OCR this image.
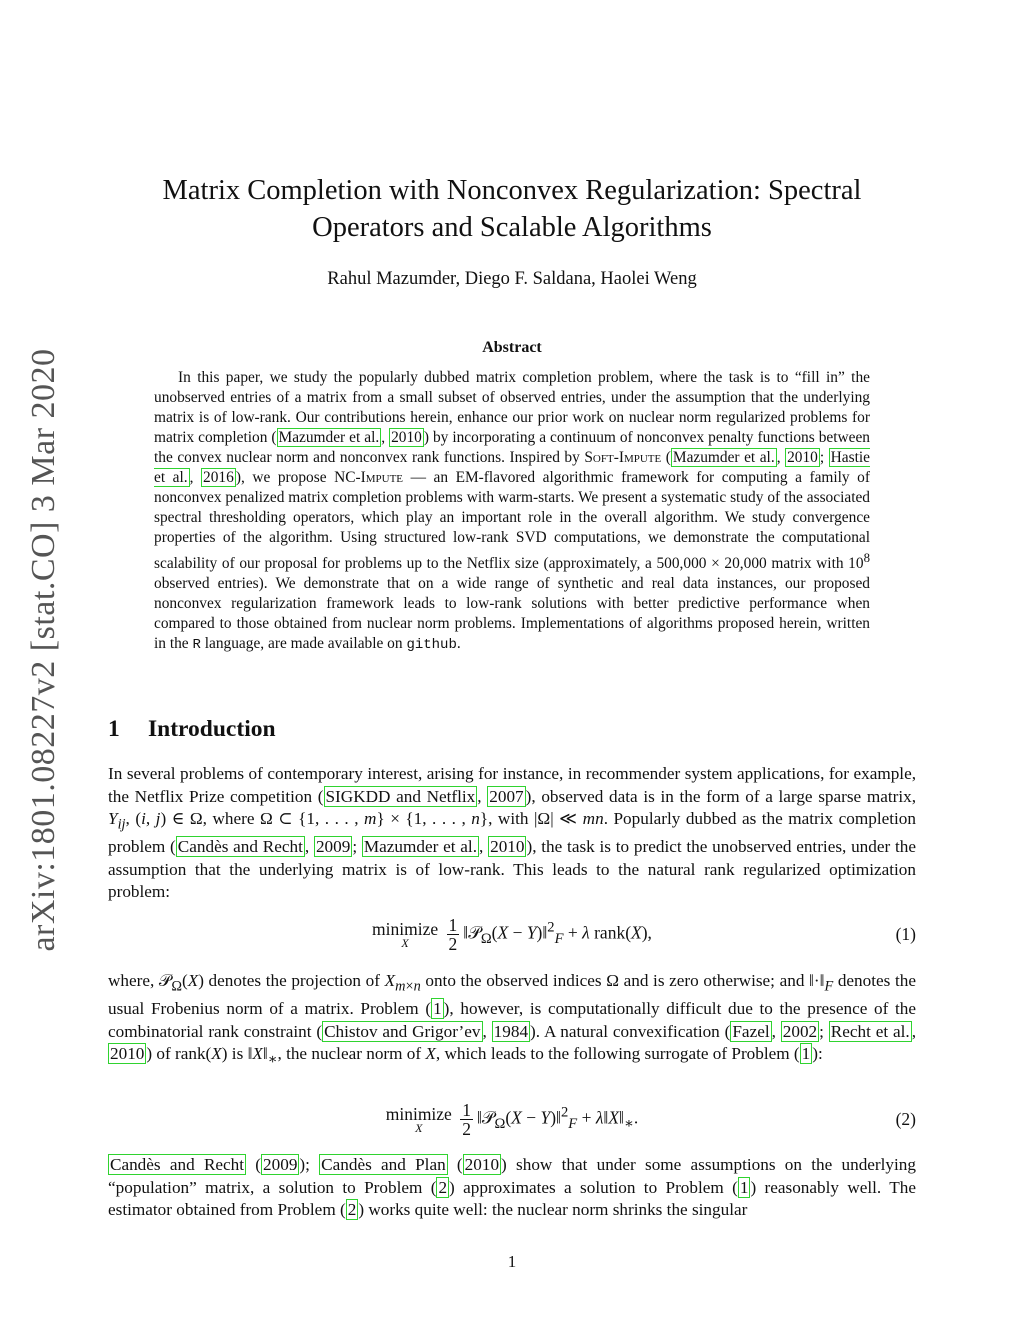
arXiv:1801.08227v2 [stat.CO] 3 Mar 2020
Matrix Completion with Nonconvex Regularization: Spectral Operators and Scalable Algorithms
Rahul Mazumder, Diego F. Saldana, Haolei Weng
Abstract

In this paper, we study the popularly dubbed matrix completion problem, where the task is to “fill in” the unobserved entries of a matrix from a small subset of observed entries, under the assumption that the underlying matrix is of low-rank. Our contributions herein, enhance our prior work on nuclear norm regularized problems for matrix completion ( Mazumder et al. , 2010 ) by incorporating a continuum of nonconvex penalty functions between the convex nuclear norm and nonconvex rank functions. Inspired by Soft-Impute ( Mazumder et al. , 2010 ; Hastie et al. , 2016 ), we propose NC-Impute — an EM-flavored algorithmic framework for computing a family of nonconvex penalized matrix completion problems with warm-starts. We present a systematic study of the associated spectral thresholding operators, which play an important role in the overall algorithm. We study convergence properties of the algorithm. Using structured low-rank SVD computations, we demonstrate the computational scalability of our proposal for problems up to the Netflix size (approximately, a 500,000 × 20,000 matrix with $10^8$ observed entries). We demonstrate that on a wide range of synthetic and real data instances, our proposed nonconvex regularization framework leads to low-rank solutions with better predictive performance when compared to those obtained from nuclear norm problems. Implementations of algorithms proposed herein, written in the R language, are made available on github.

1 Introduction

In several problems of contemporary interest, arising for instance, in recommender system applications, for example, the Netflix Prize competition ( SIGKDD and Netflix , 2007 ), observed data is in the form of a large sparse matrix, $Y_{ij}$, (i, j) ∈ Ω, where Ω ⊂ {1, . . . , m} × {1, . . . , n}, with |Ω| ≪ mn. Popularly dubbed as the matrix completion problem ( Candès and Recht , 2009 ; Mazumder et al. , 2010 ), the task is to predict the unobserved entries, under the assumption that the underlying matrix is of low-rank. This leads to the natural rank regularized optimization problem:

minimize
X
	$\frac{1}{2}$ ‖𝒫$_\Omega$(X − Y)‖$^2_F$ + λ rank(X),	(1)

where, 𝒫$_\Omega$(X) denotes the projection of $X_{m\times n}$ onto the observed indices Ω and is zero otherwise; and $‖\cdot‖_F$ denotes the usual Frobenius norm of a matrix. Problem ( 1 ), however, is computationally difficult due to the presence of the combinatorial rank constraint ( Chistov and Grigor’ev , 1984 ). A natural convexification ( Fazel , 2002 ; Recht et al. , 2010 ) of rank(X) is $‖X‖_∗$, the nuclear norm of X, which leads to the following surrogate of Problem ( 1 ):

minimize
X
	$\frac{1}{2}$ ‖𝒫$_\Omega$(X − Y)‖$^2_F$ + $\lambda‖X‖_∗$.	(2)

Candès and Recht ( 2009 ); Candès and Plan ( 2010 ) show that under some assumptions on the underlying “population” matrix, a solution to Problem ( 2 ) approximates a solution to Problem ( 1 ) reasonably well. The estimator obtained from Problem ( 2 ) works quite well: the nuclear norm shrinks the singular

1
